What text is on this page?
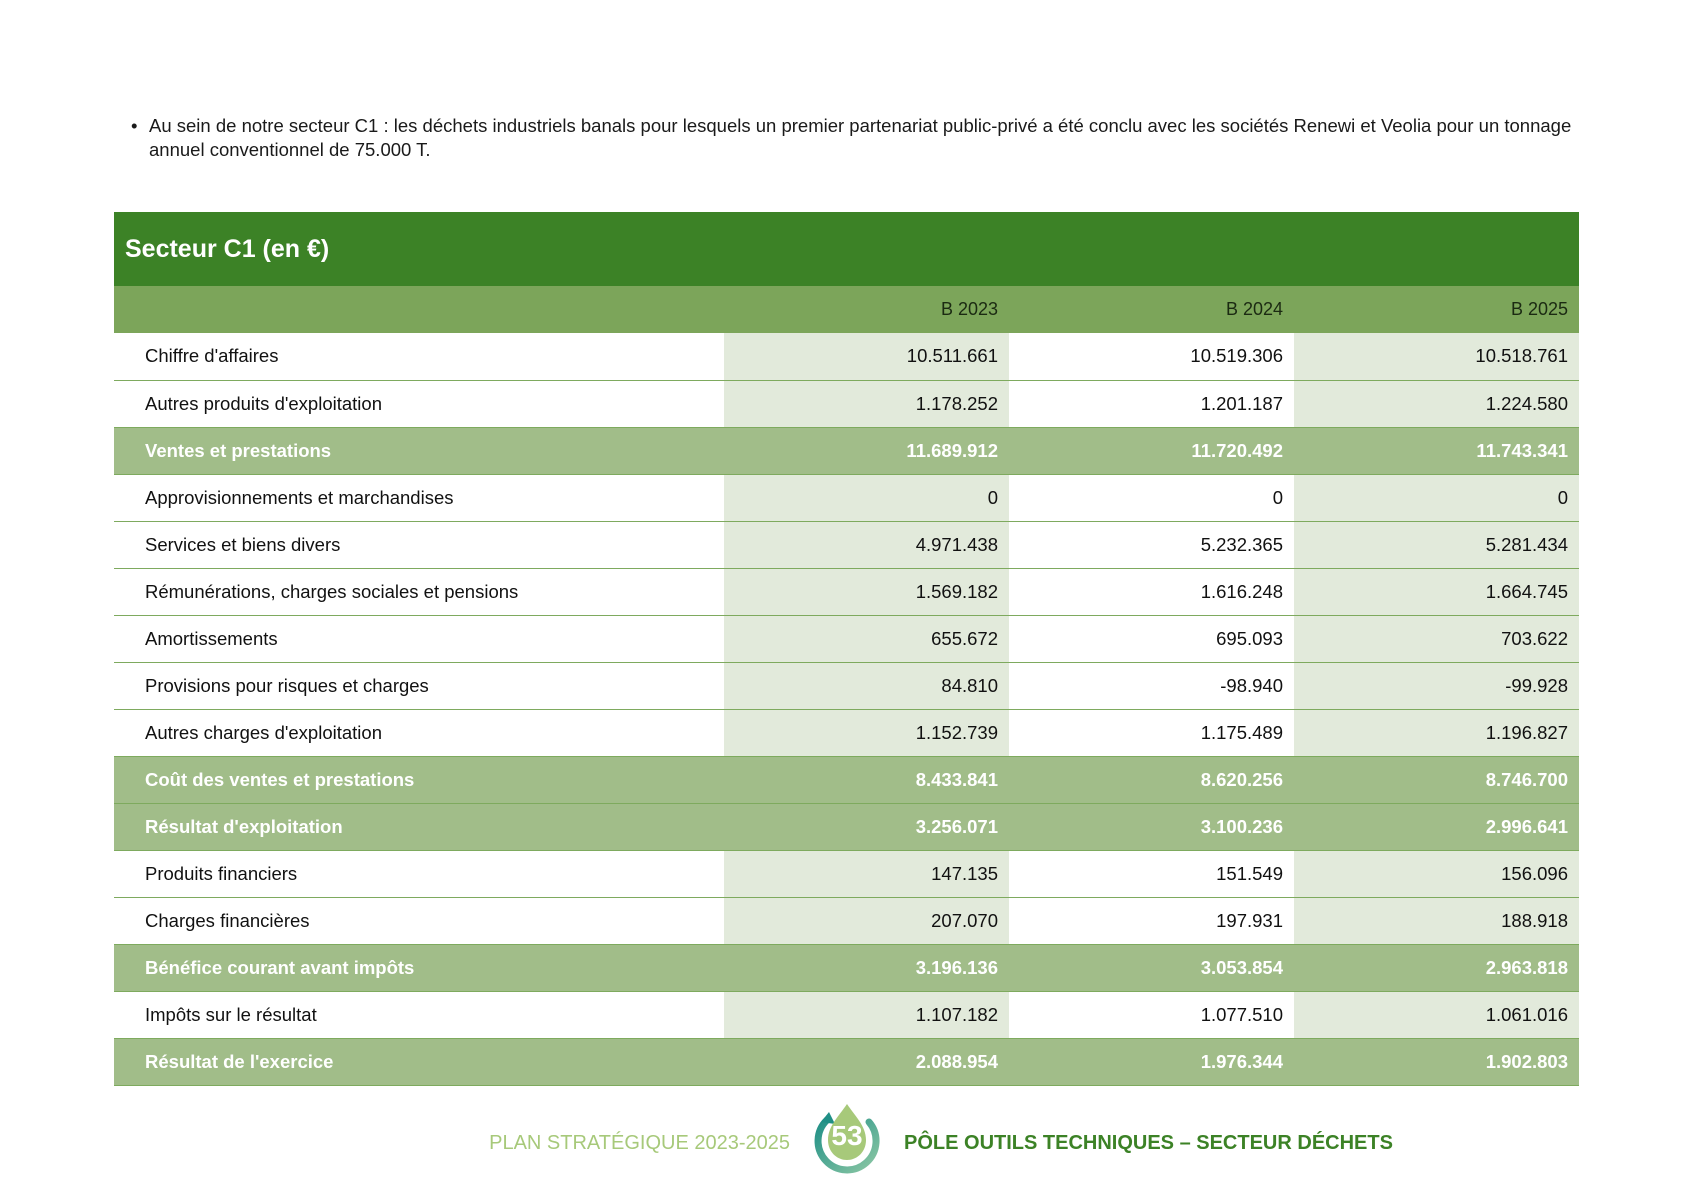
• Au sein de notre secteur C1 : les déchets industriels banals pour lesquels un premier partenariat public-privé a été conclu avec les sociétés Renewi et Veolia pour un tonnage annuel conventionnel de 75.000 T.
Secteur C1 (en €)
	B 2023	B 2024	B 2025
Chiffre d'affaires	10.511.661	10.519.306	10.518.761
Autres produits d'exploitation	1.178.252	1.201.187	1.224.580
Ventes et prestations	11.689.912	11.720.492	11.743.341
Approvisionnements et marchandises	0	0	0
Services et biens divers	4.971.438	5.232.365	5.281.434
Rémunérations, charges sociales et pensions	1.569.182	1.616.248	1.664.745
Amortissements	655.672	695.093	703.622
Provisions pour risques et charges	84.810	-98.940	-99.928
Autres charges d'exploitation	1.152.739	1.175.489	1.196.827
Coût des ventes et prestations	8.433.841	8.620.256	8.746.700
Résultat d'exploitation	3.256.071	3.100.236	2.996.641
Produits financiers	147.135	151.549	156.096
Charges financières	207.070	197.931	188.918
Bénéfice courant avant impôts	3.196.136	3.053.854	2.963.818
Impôts sur le résultat	1.107.182	1.077.510	1.061.016
Résultat de l'exercice	2.088.954	1.976.344	1.902.803
PLAN STRATÉGIQUE 2023-2025	53	PÔLE OUTILS TECHNIQUES – SECTEUR DÉCHETS
